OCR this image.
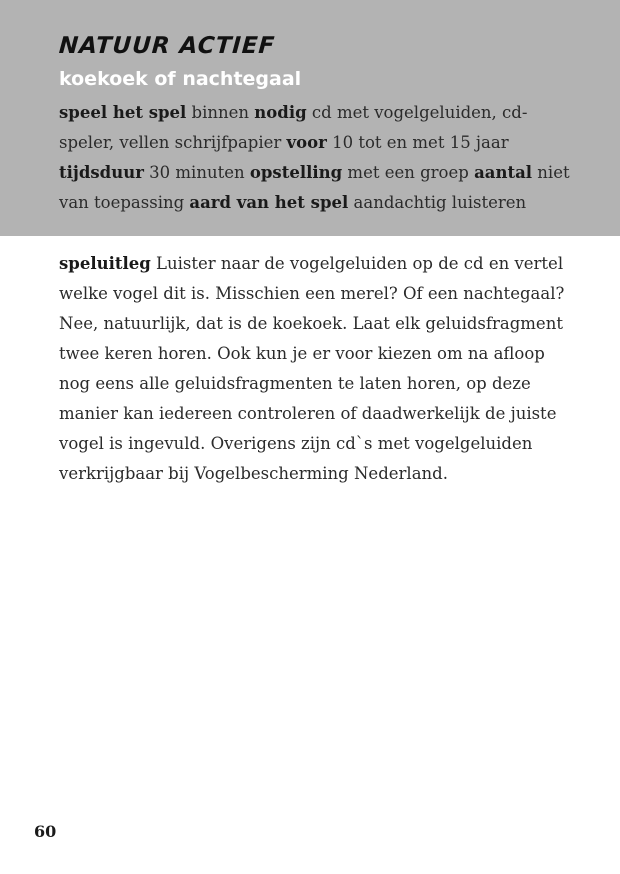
NATUUR ACTIEF
koekoek of nachtegaal

speel het spel binnen nodig cd met vogelgeluiden, cd-speler, vellen schrijfpapier voor 10 tot en met 15 jaar
tijdsduur 30 minuten opstelling met een groep aantal niet van toepassing aard van het spel aandachtig luisteren

speluitleg Luister naar de vogelgeluiden op de cd en vertel welke vogel dit is. Misschien een merel? Of een nachtegaal? Nee, natuurlijk, dat is de koekoek. Laat elk geluidsfragment twee keren horen. Ook kun je er voor kiezen om na afloop nog eens alle geluidsfragmenten te laten horen, op deze manier kan iedereen controleren of daadwerkelijk de juiste vogel is ingevuld. Overigens zijn cd`s met vogelgeluiden verkrijgbaar bij Vogelbescherming Nederland.

60
